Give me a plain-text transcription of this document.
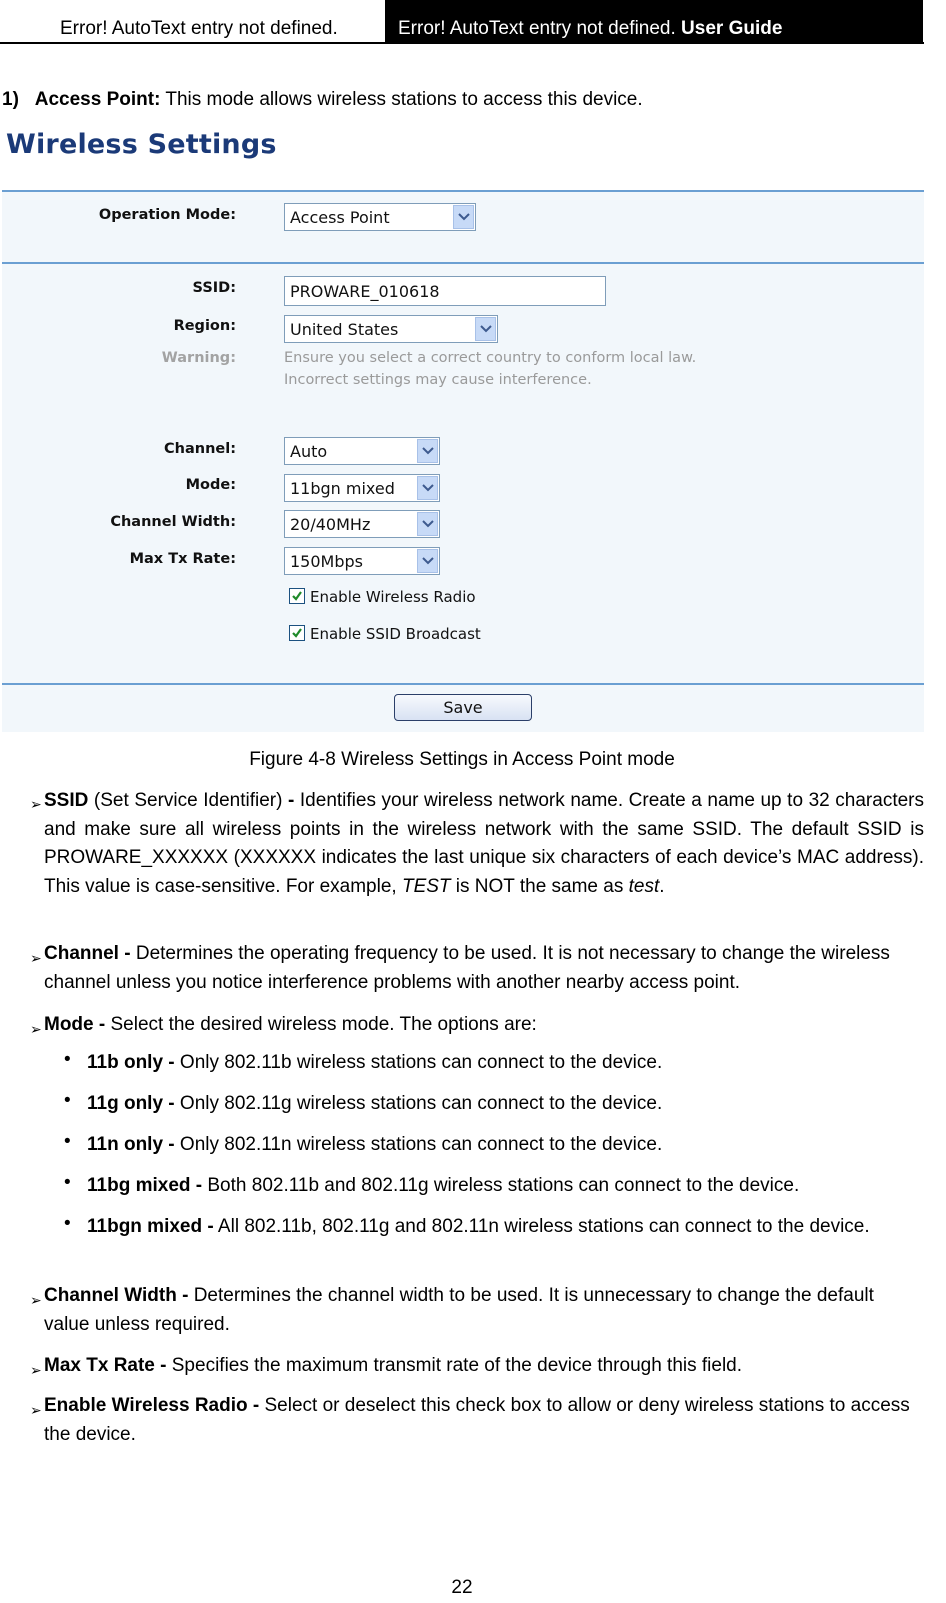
Error! AutoText entry not defined.	Error! AutoText entry not defined. User Guide
1) Access Point: This mode allows wireless stations to access this device.
Wireless Settings
Operation Mode:	Access Point
SSID:	PROWARE_010618
Region:	United States
Warning:	Ensure you select a correct country to conform local law.
Incorrect settings may cause interference.
Channel:	Auto
Mode:	11bgn mixed
Channel Width:	20/40MHz
Max Tx Rate:	150Mbps
Enable Wireless Radio
Enable SSID Broadcast
Save
Figure 4-8 Wireless Settings in Access Point mode
➢ SSID (Set Service Identifier) - Identifies your wireless network name. Create a name up to 32 characters and make sure all wireless points in the wireless network with the same SSID. The default SSID is PROWARE_XXXXXX (XXXXXX indicates the last unique six characters of each device’s MAC address). This value is case-sensitive. For example, TEST is NOT the same as test.
➢ Channel - Determines the operating frequency to be used. It is not necessary to change the wireless channel unless you notice interference problems with another nearby access point.
➢ Mode - Select the desired wireless mode. The options are:
• 11b only - Only 802.11b wireless stations can connect to the device.
• 11g only - Only 802.11g wireless stations can connect to the device.
• 11n only - Only 802.11n wireless stations can connect to the device.
• 11bg mixed - Both 802.11b and 802.11g wireless stations can connect to the device.
• 11bgn mixed - All 802.11b, 802.11g and 802.11n wireless stations can connect to the device.
➢ Channel Width - Determines the channel width to be used. It is unnecessary to change the default value unless required.
➢ Max Tx Rate - Specifies the maximum transmit rate of the device through this field.
➢ Enable Wireless Radio - Select or deselect this check box to allow or deny wireless stations to access the device.
22
